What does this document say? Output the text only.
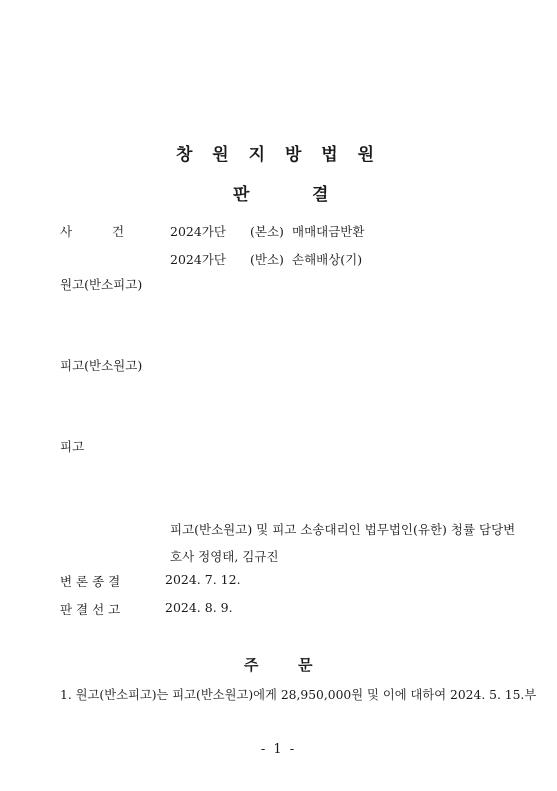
창 원 지 방 법 원
판	결
사	건	2024가단 (본소) 매매대금반환
2024가단 (반소) 손해배상(기)
원고(반소피고)
피고(반소원고)
피고
피고(반소원고) 및 피고 소송대리인 법무법인(유한) 청률 담당변
호사 정영태, 김규진
변 론 종 결	2024. 7. 12.
판 결 선 고	2024. 8. 9.
주	문
1. 원고(반소피고)는 피고(반소원고)에게 28,950,000원 및 이에 대하여 2024. 5. 15.부
- 1 -
